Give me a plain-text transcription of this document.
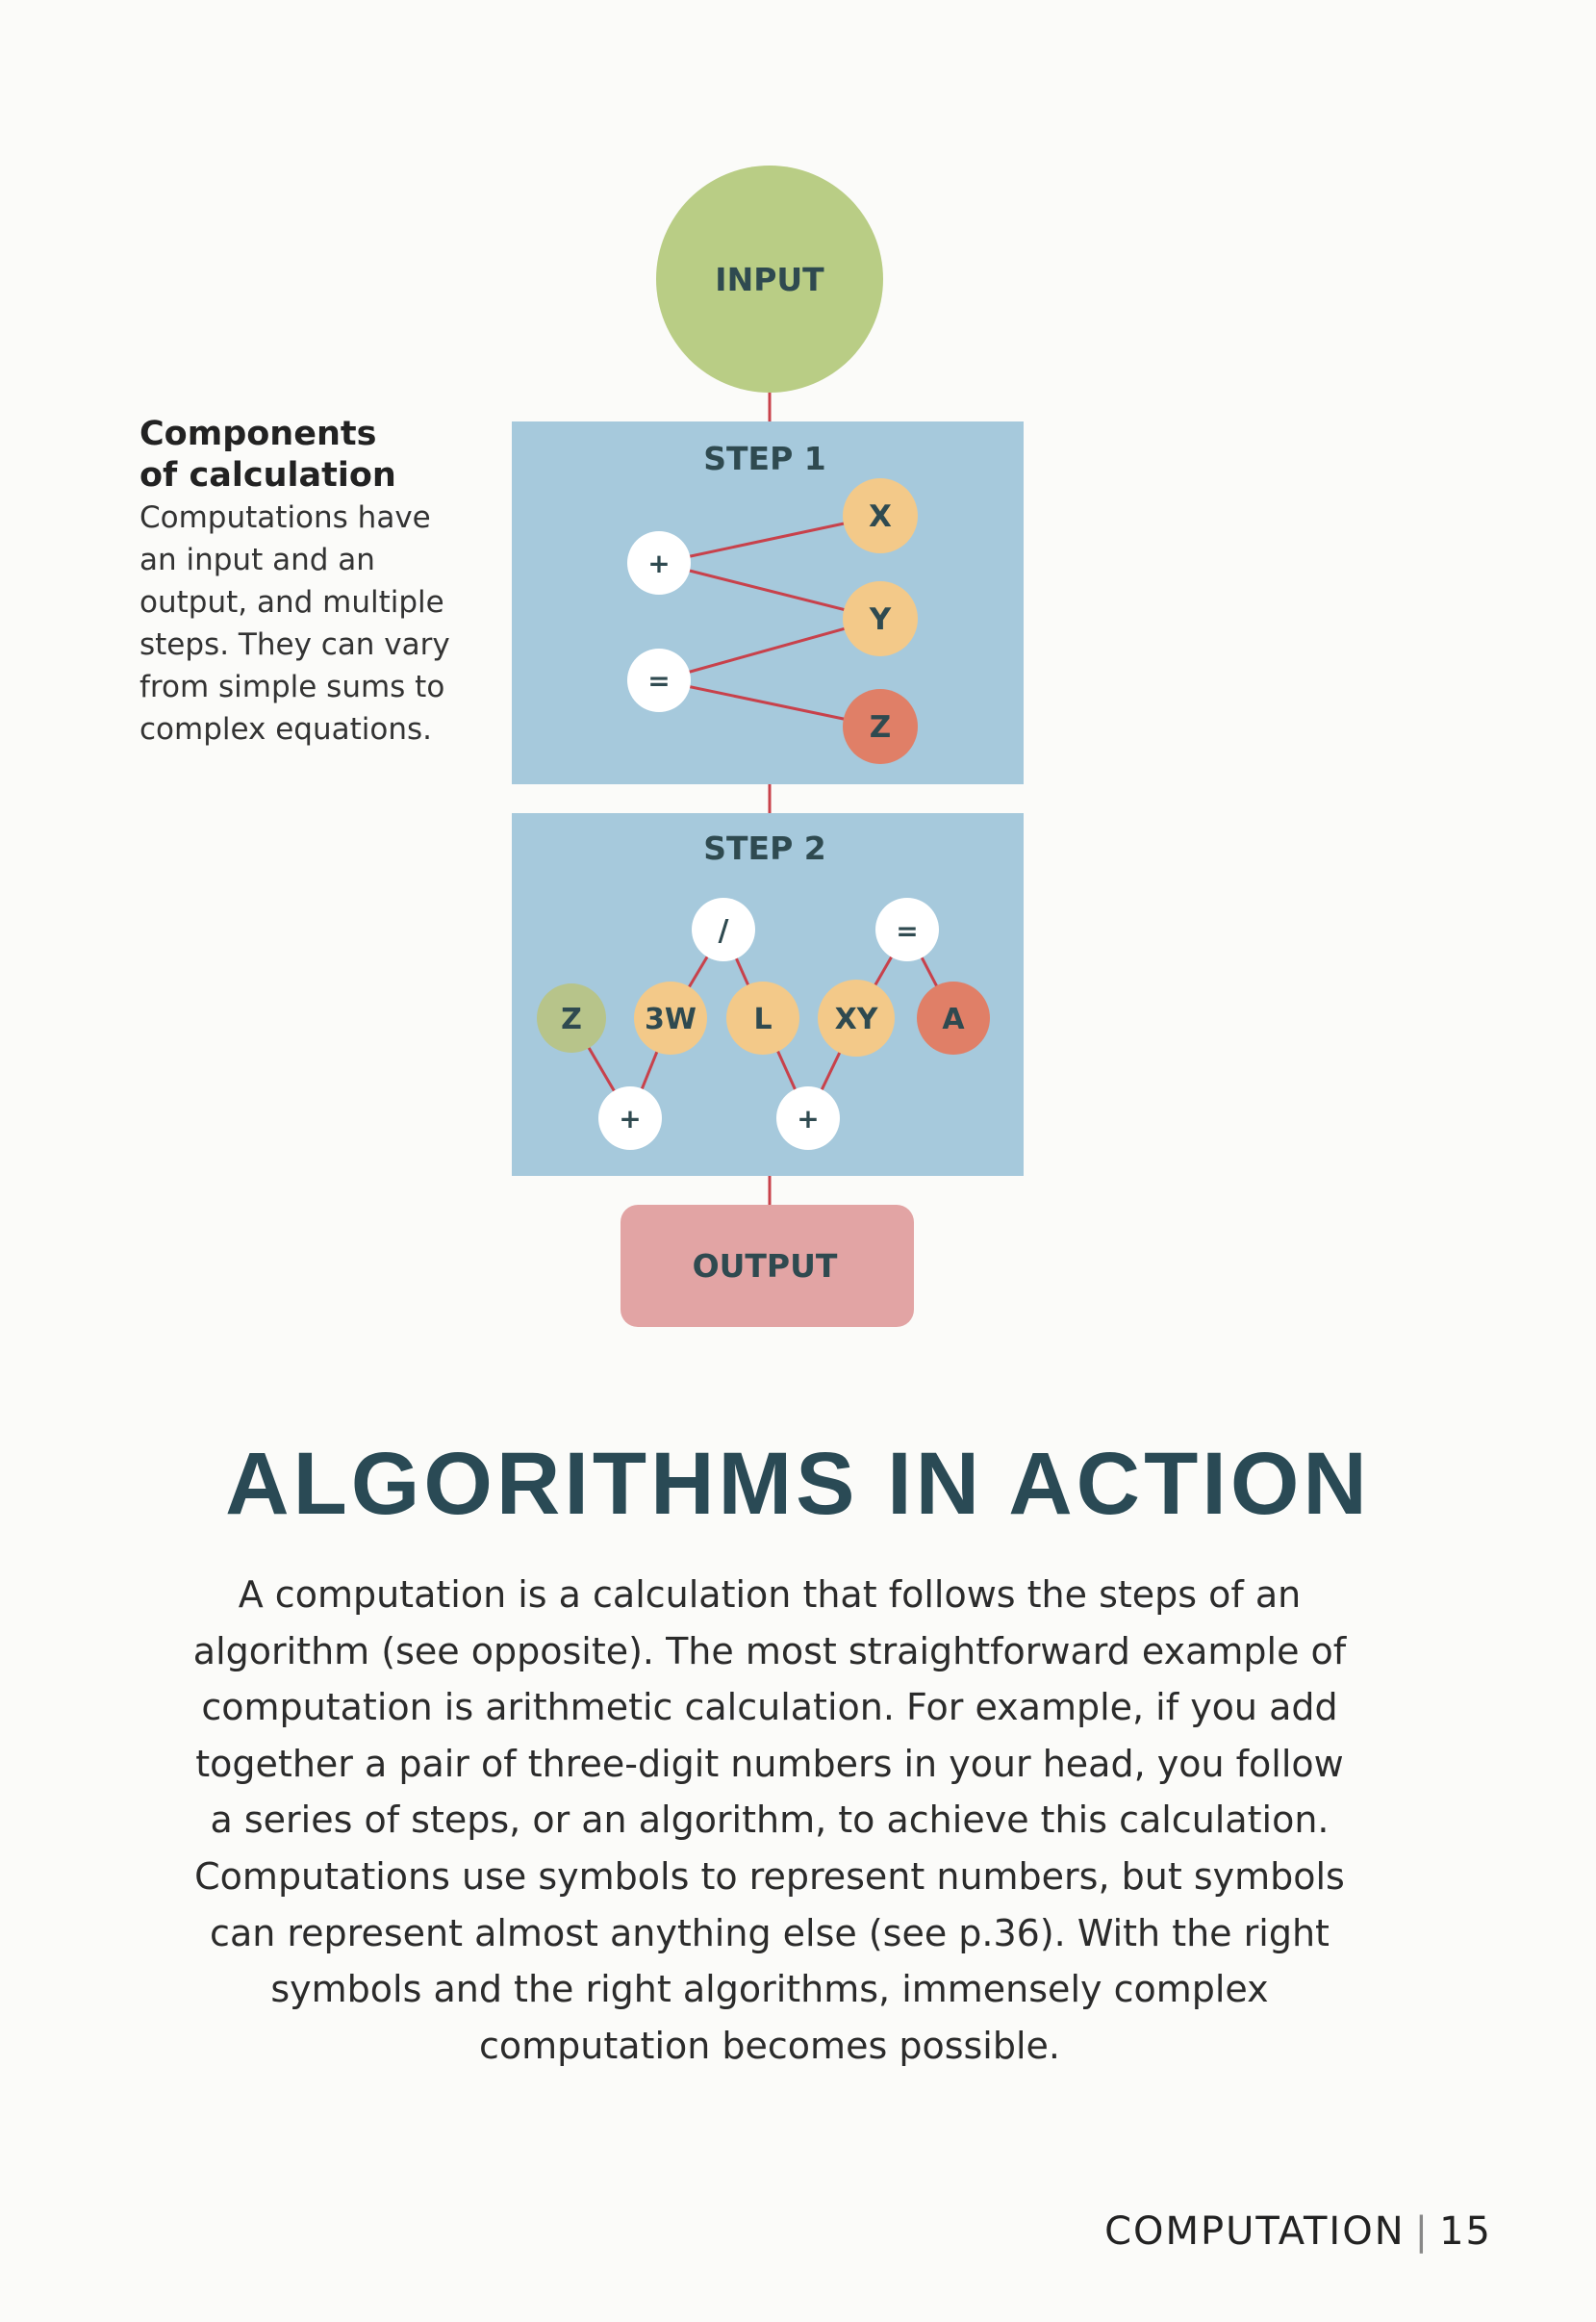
Components
of calculation
Computations have
an input and an
output, and multiple
steps. They can vary
from simple sums to
complex equations.
INPUT
STEP 1
+
=
X
Y
Z
STEP 2
/	=
Z 3W L XY A
+	+
OUTPUT
ALGORITHMS IN ACTION
A computation is a calculation that follows the steps of an
algorithm (see opposite). The most straightforward example of
computation is arithmetic calculation. For example, if you add
together a pair of three-digit numbers in your head, you follow
a series of steps, or an algorithm, to achieve this calculation.
Computations use symbols to represent numbers, but symbols
can represent almost anything else (see p.36). With the right
symbols and the right algorithms, immensely complex
computation becomes possible.
COMPUTATION | 15
